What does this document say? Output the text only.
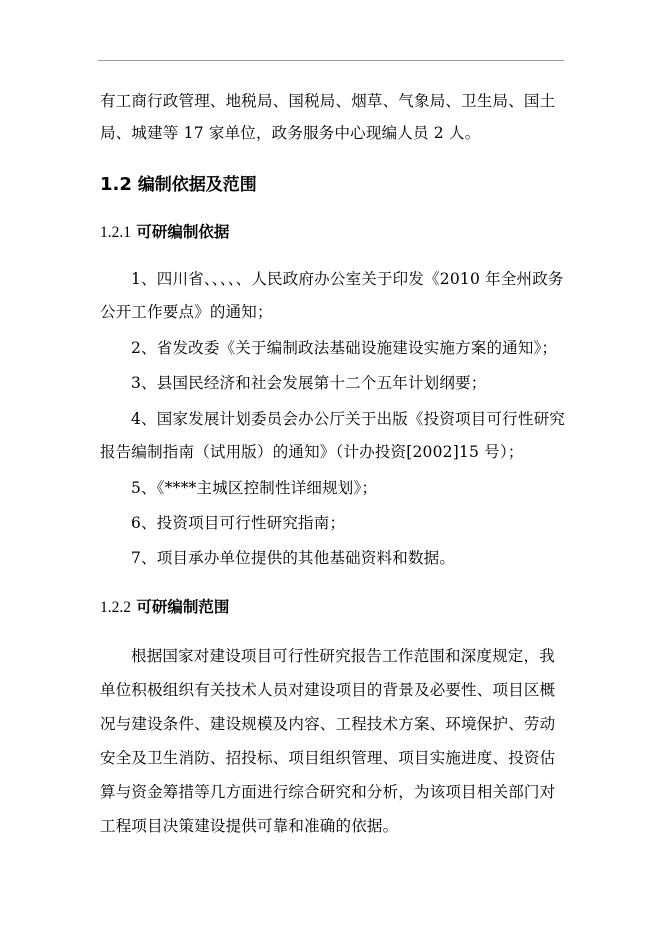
有工商行政管理、地税局、国税局、烟草、气象局、卫生局、国土
局、城建等 17 家单位，政务服务中心现编人员 2 人。
1.2 编制依据及范围
1.2.1 可研编制依据
1、四川省、、、、、人民政府办公室关于印发《2010 年全州政务
公开工作要点》的通知；
2、省发改委《关于编制政法基础设施建设实施方案的通知》；
3、县国民经济和社会发展第十二个五年计划纲要；
4、国家发展计划委员会办公厅关于出版《投资项目可行性研究
报告编制指南（试用版）的通知》（计办投资[2002]15 号）；
5、《****主城区控制性详细规划》；
6、投资项目可行性研究指南；
7、项目承办单位提供的其他基础资料和数据。
1.2.2 可研编制范围
根据国家对建设项目可行性研究报告工作范围和深度规定，我
单位积极组织有关技术人员对建设项目的背景及必要性、项目区概
况与建设条件、建设规模及内容、工程技术方案、环境保护、劳动
安全及卫生消防、招投标、项目组织管理、项目实施进度、投资估
算与资金筹措等几方面进行综合研究和分析，为该项目相关部门对
工程项目决策建设提供可靠和准确的依据。
